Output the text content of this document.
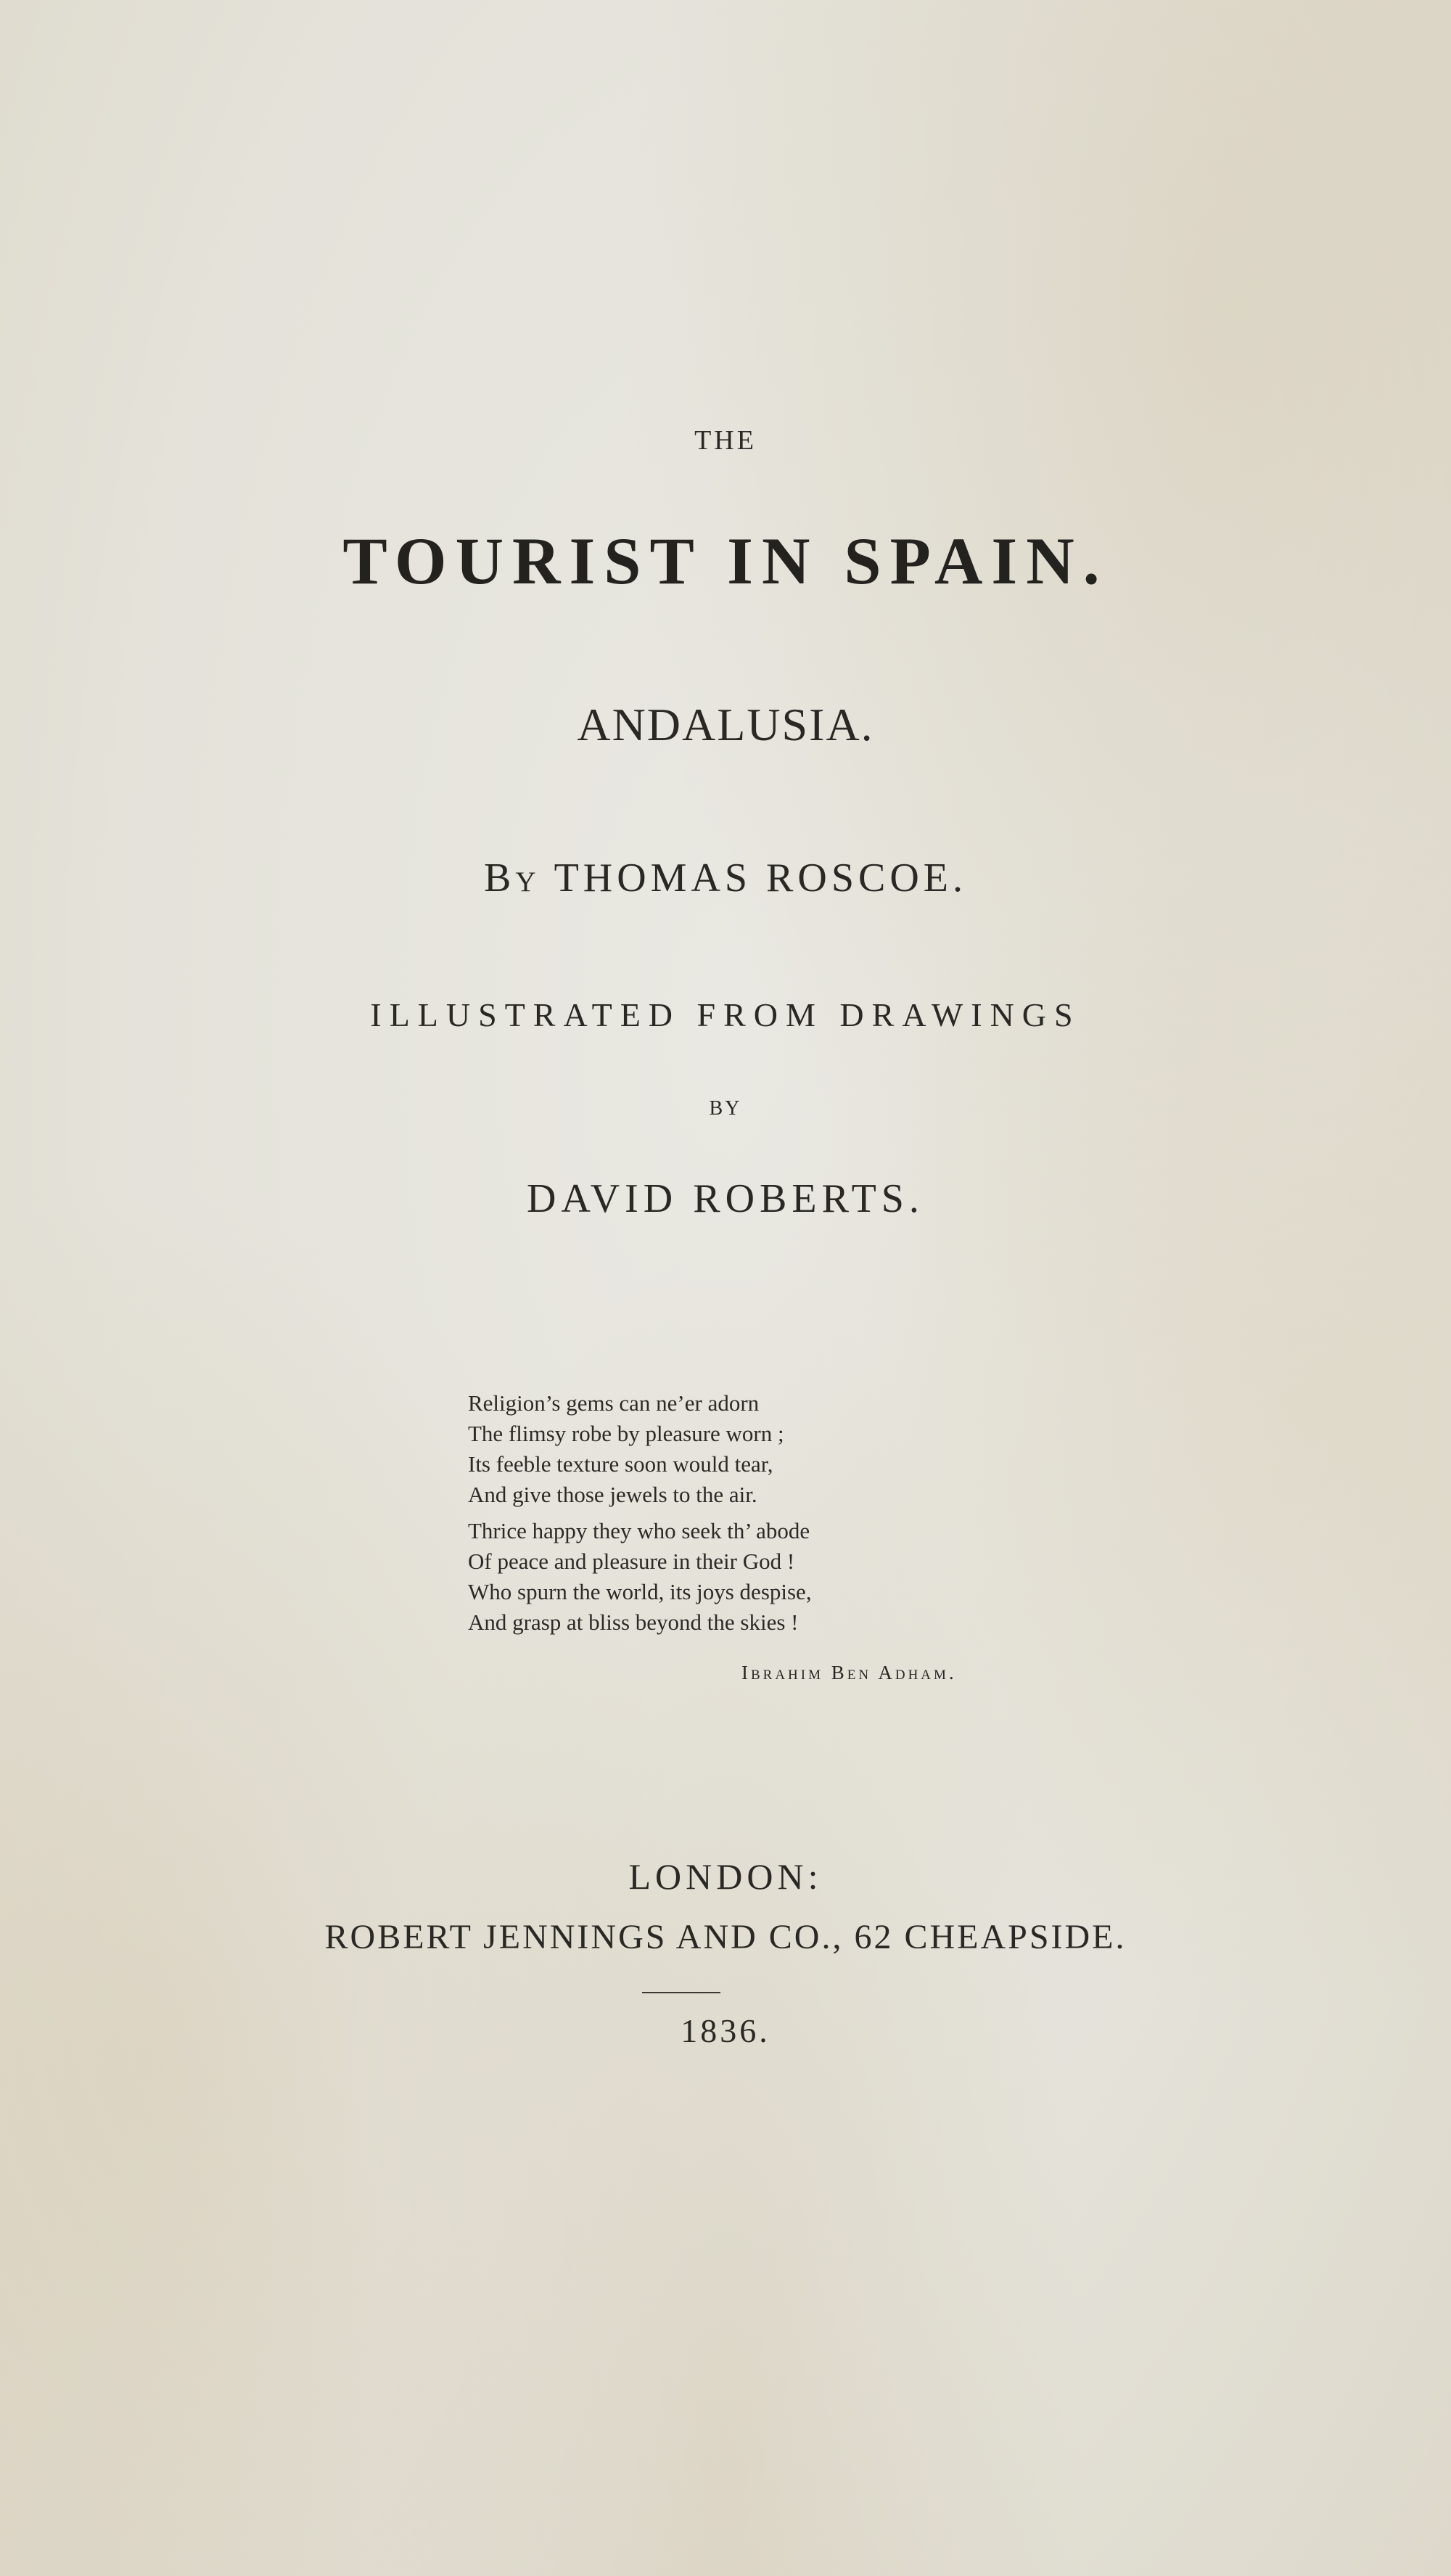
THE
TOURIST IN SPAIN.
ANDALUSIA.
By THOMAS ROSCOE.
ILLUSTRATED FROM DRAWINGS
BY
DAVID ROBERTS.
Religion’s gems can ne’er adorn
The flimsy robe by pleasure worn ;
Its feeble texture soon would tear,
And give those jewels to the air.
Thrice happy they who seek th’ abode
Of peace and pleasure in their God !
Who spurn the world, its joys despise,
And grasp at bliss beyond the skies !
Ibrahim Ben Adham.
LONDON:
ROBERT JENNINGS AND CO., 62 CHEAPSIDE.
1836.
